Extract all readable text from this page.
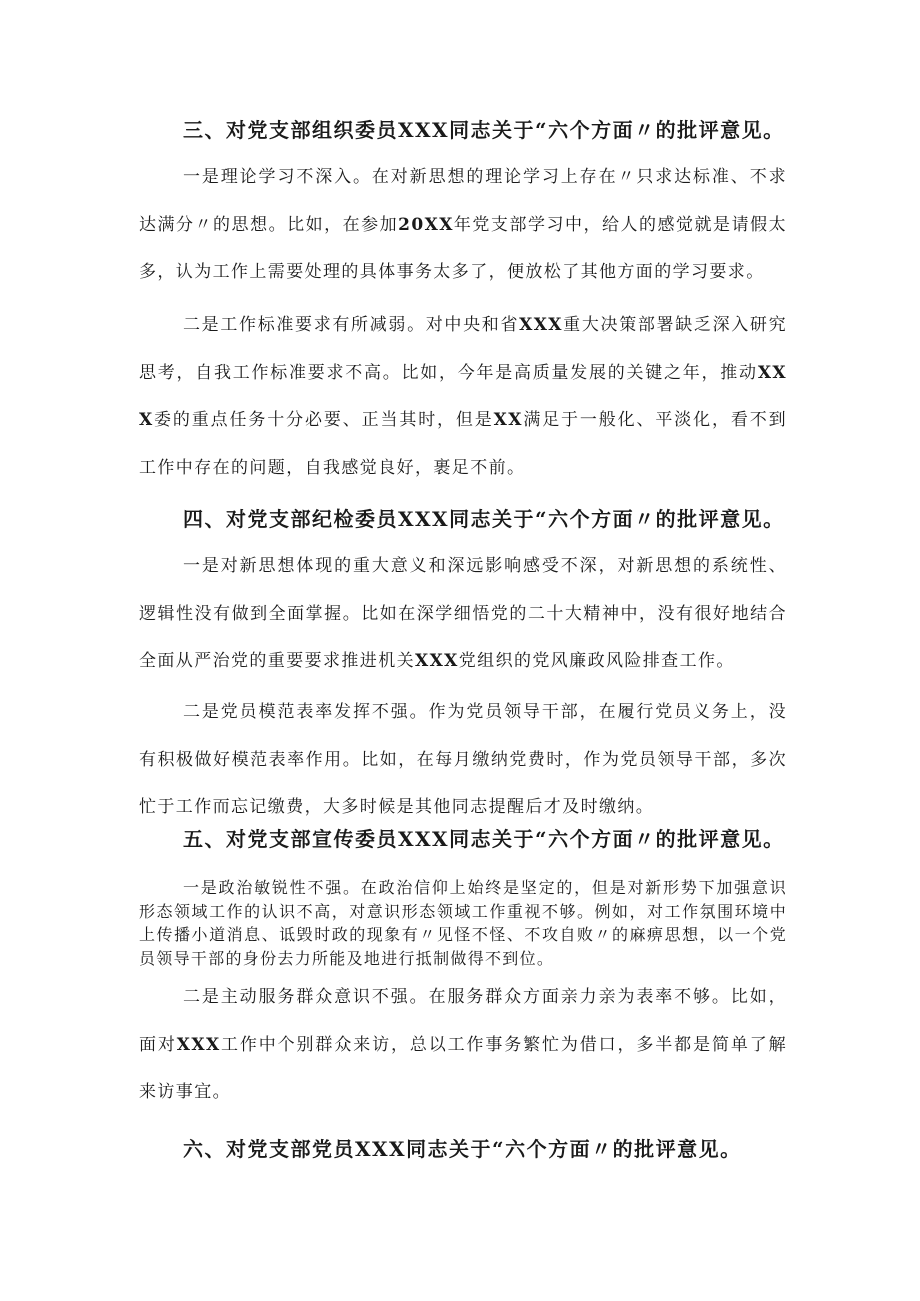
三、对党支部组织委员XXX同志关于“六个方面〃的批评意见。

一是理论学习不深入。在对新思想的理论学习上存在〃只求达标准、不求达满分〃的思想。比如，在参加20XX年党支部学习中，给人的感觉就是请假太多，认为工作上需要处理的具体事务太多了，便放松了其他方面的学习要求。

二是工作标准要求有所减弱。对中央和省XXX重大决策部署缺乏深入研究思考，自我工作标准要求不高。比如，今年是高质量发展的关键之年，推动XXX委的重点任务十分必要、正当其时，但是XX满足于一般化、平淡化，看不到工作中存在的问题，自我感觉良好，裹足不前。

四、对党支部纪检委员XXX同志关于“六个方面〃的批评意见。

一是对新思想体现的重大意义和深远影响感受不深，对新思想的系统性、逻辑性没有做到全面掌握。比如在深学细悟党的二十大精神中，没有很好地结合全面从严治党的重要要求推进机关XXX党组织的党风廉政风险排查工作。

二是党员模范表率发挥不强。作为党员领导干部，在履行党员义务上，没有积极做好模范表率作用。比如，在每月缴纳党费时，作为党员领导干部，多次忙于工作而忘记缴费，大多时候是其他同志提醒后才及时缴纳。

五、对党支部宣传委员XXX同志关于“六个方面〃的批评意见。

一是政治敏锐性不强。在政治信仰上始终是坚定的，但是对新形势下加强意识形态领域工作的认识不高，对意识形态领域工作重视不够。例如，对工作氛围环境中上传播小道消息、诋毁时政的现象有〃见怪不怪、不攻自败〃的麻痹思想，以一个党员领导干部的身份去力所能及地进行抵制做得不到位。

二是主动服务群众意识不强。在服务群众方面亲力亲为表率不够。比如，面对XXX工作中个别群众来访，总以工作事务繁忙为借口，多半都是简单了解来访事宜。

六、对党支部党员XXX同志关于“六个方面〃的批评意见。
